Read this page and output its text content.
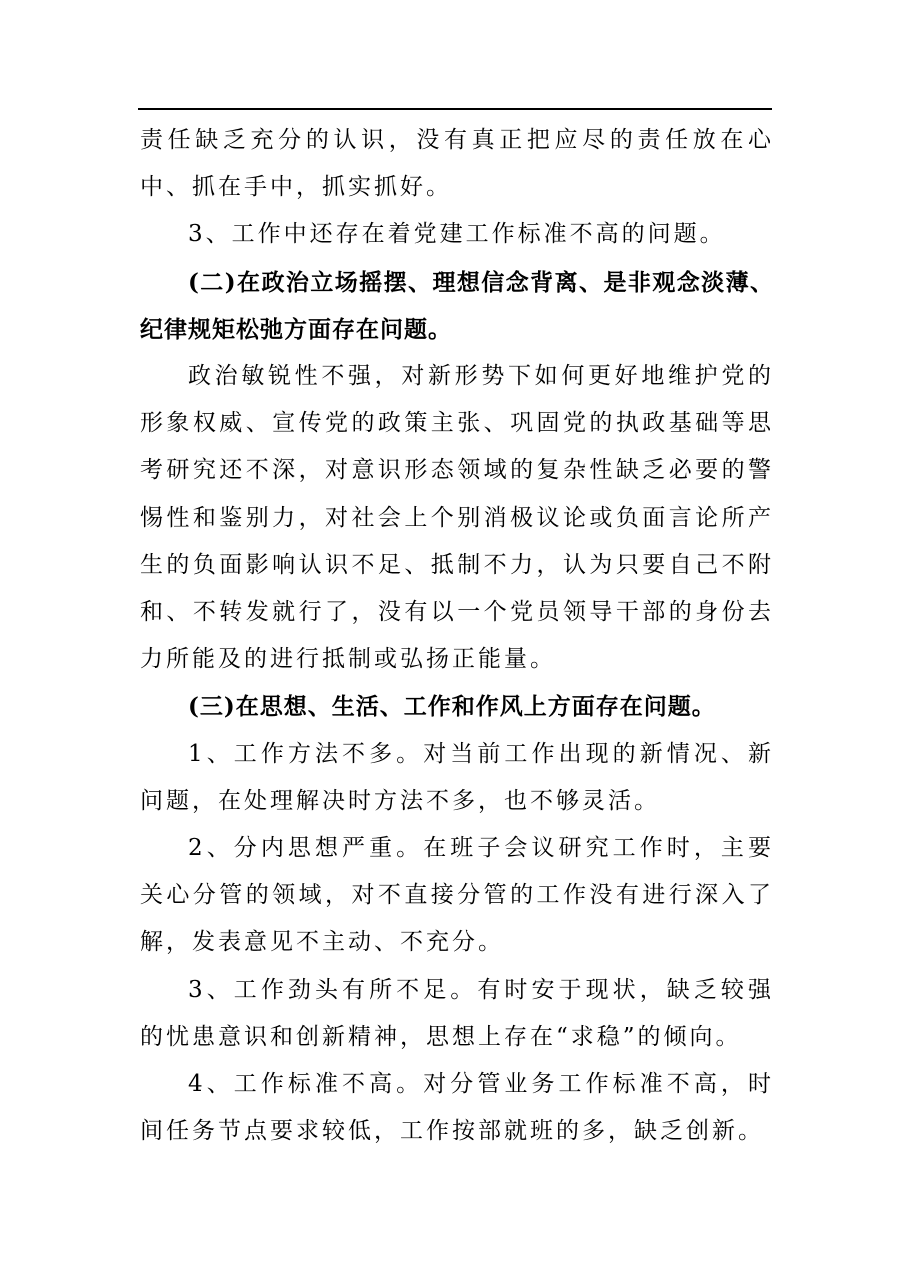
责任缺乏充分的认识，没有真正把应尽的责任放在心中、抓在手中，抓实抓好。

3、工作中还存在着党建工作标准不高的问题。

(二)在政治立场摇摆、理想信念背离、是非观念淡薄、纪律规矩松弛方面存在问题。

政治敏锐性不强，对新形势下如何更好地维护党的形象权威、宣传党的政策主张、巩固党的执政基础等思考研究还不深，对意识形态领域的复杂性缺乏必要的警惕性和鉴别力，对社会上个别消极议论或负面言论所产生的负面影响认识不足、抵制不力，认为只要自己不附和、不转发就行了，没有以一个党员领导干部的身份去力所能及的进行抵制或弘扬正能量。

(三)在思想、生活、工作和作风上方面存在问题。

1、工作方法不多。对当前工作出现的新情况、新问题，在处理解决时方法不多，也不够灵活。

2、分内思想严重。在班子会议研究工作时，主要关心分管的领域，对不直接分管的工作没有进行深入了解，发表意见不主动、不充分。

3、工作劲头有所不足。有时安于现状，缺乏较强的忧患意识和创新精神，思想上存在“求稳”的倾向。

4、工作标准不高。对分管业务工作标准不高，时间任务节点要求较低，工作按部就班的多，缺乏创新。
